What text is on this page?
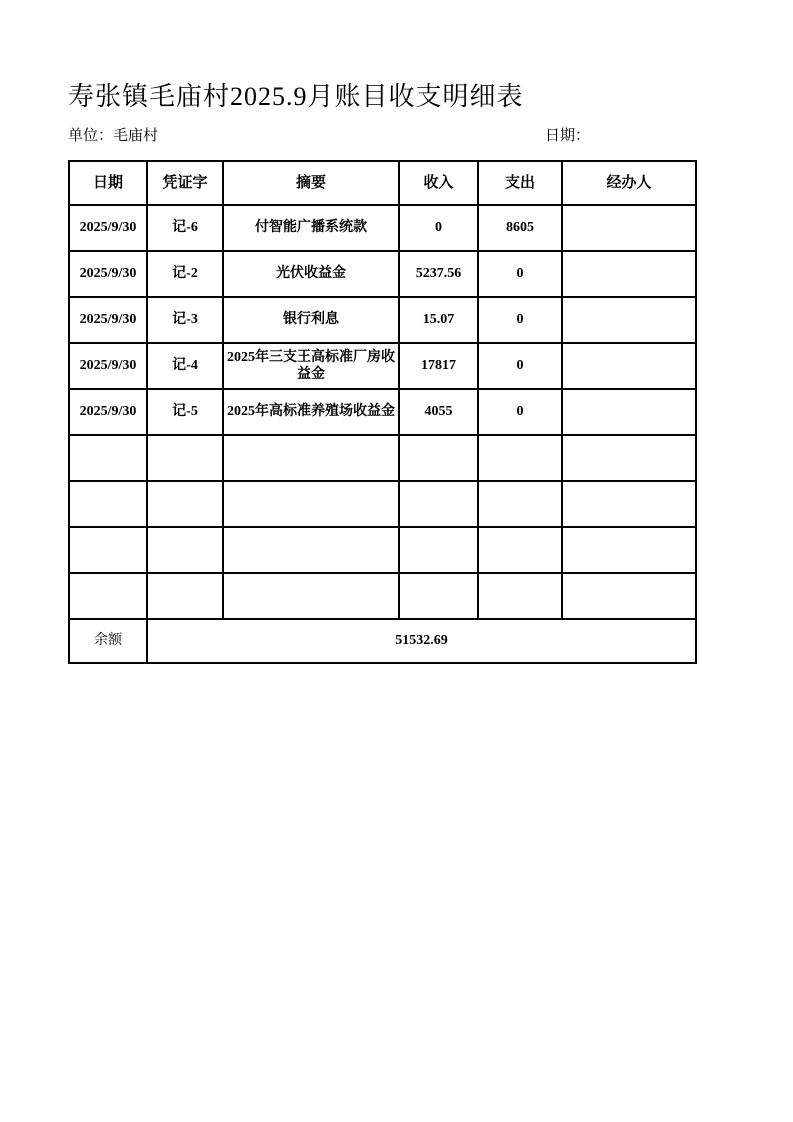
寿张镇毛庙村2025.9月账目收支明细表
单位：毛庙村	日期：
日期	凭证字	摘要	收入	支出	经办人
2025/9/30	记-6	付智能广播系统款	0	8605	
2025/9/30	记-2	光伏收益金	5237.56	0	
2025/9/30	记-3	银行利息	15.07	0	
2025/9/30	记-4	2025年三支王高标准厂房收益金	17817	0	
2025/9/30	记-5	2025年高标准养殖场收益金	4055	0	

余额	51532.69				
